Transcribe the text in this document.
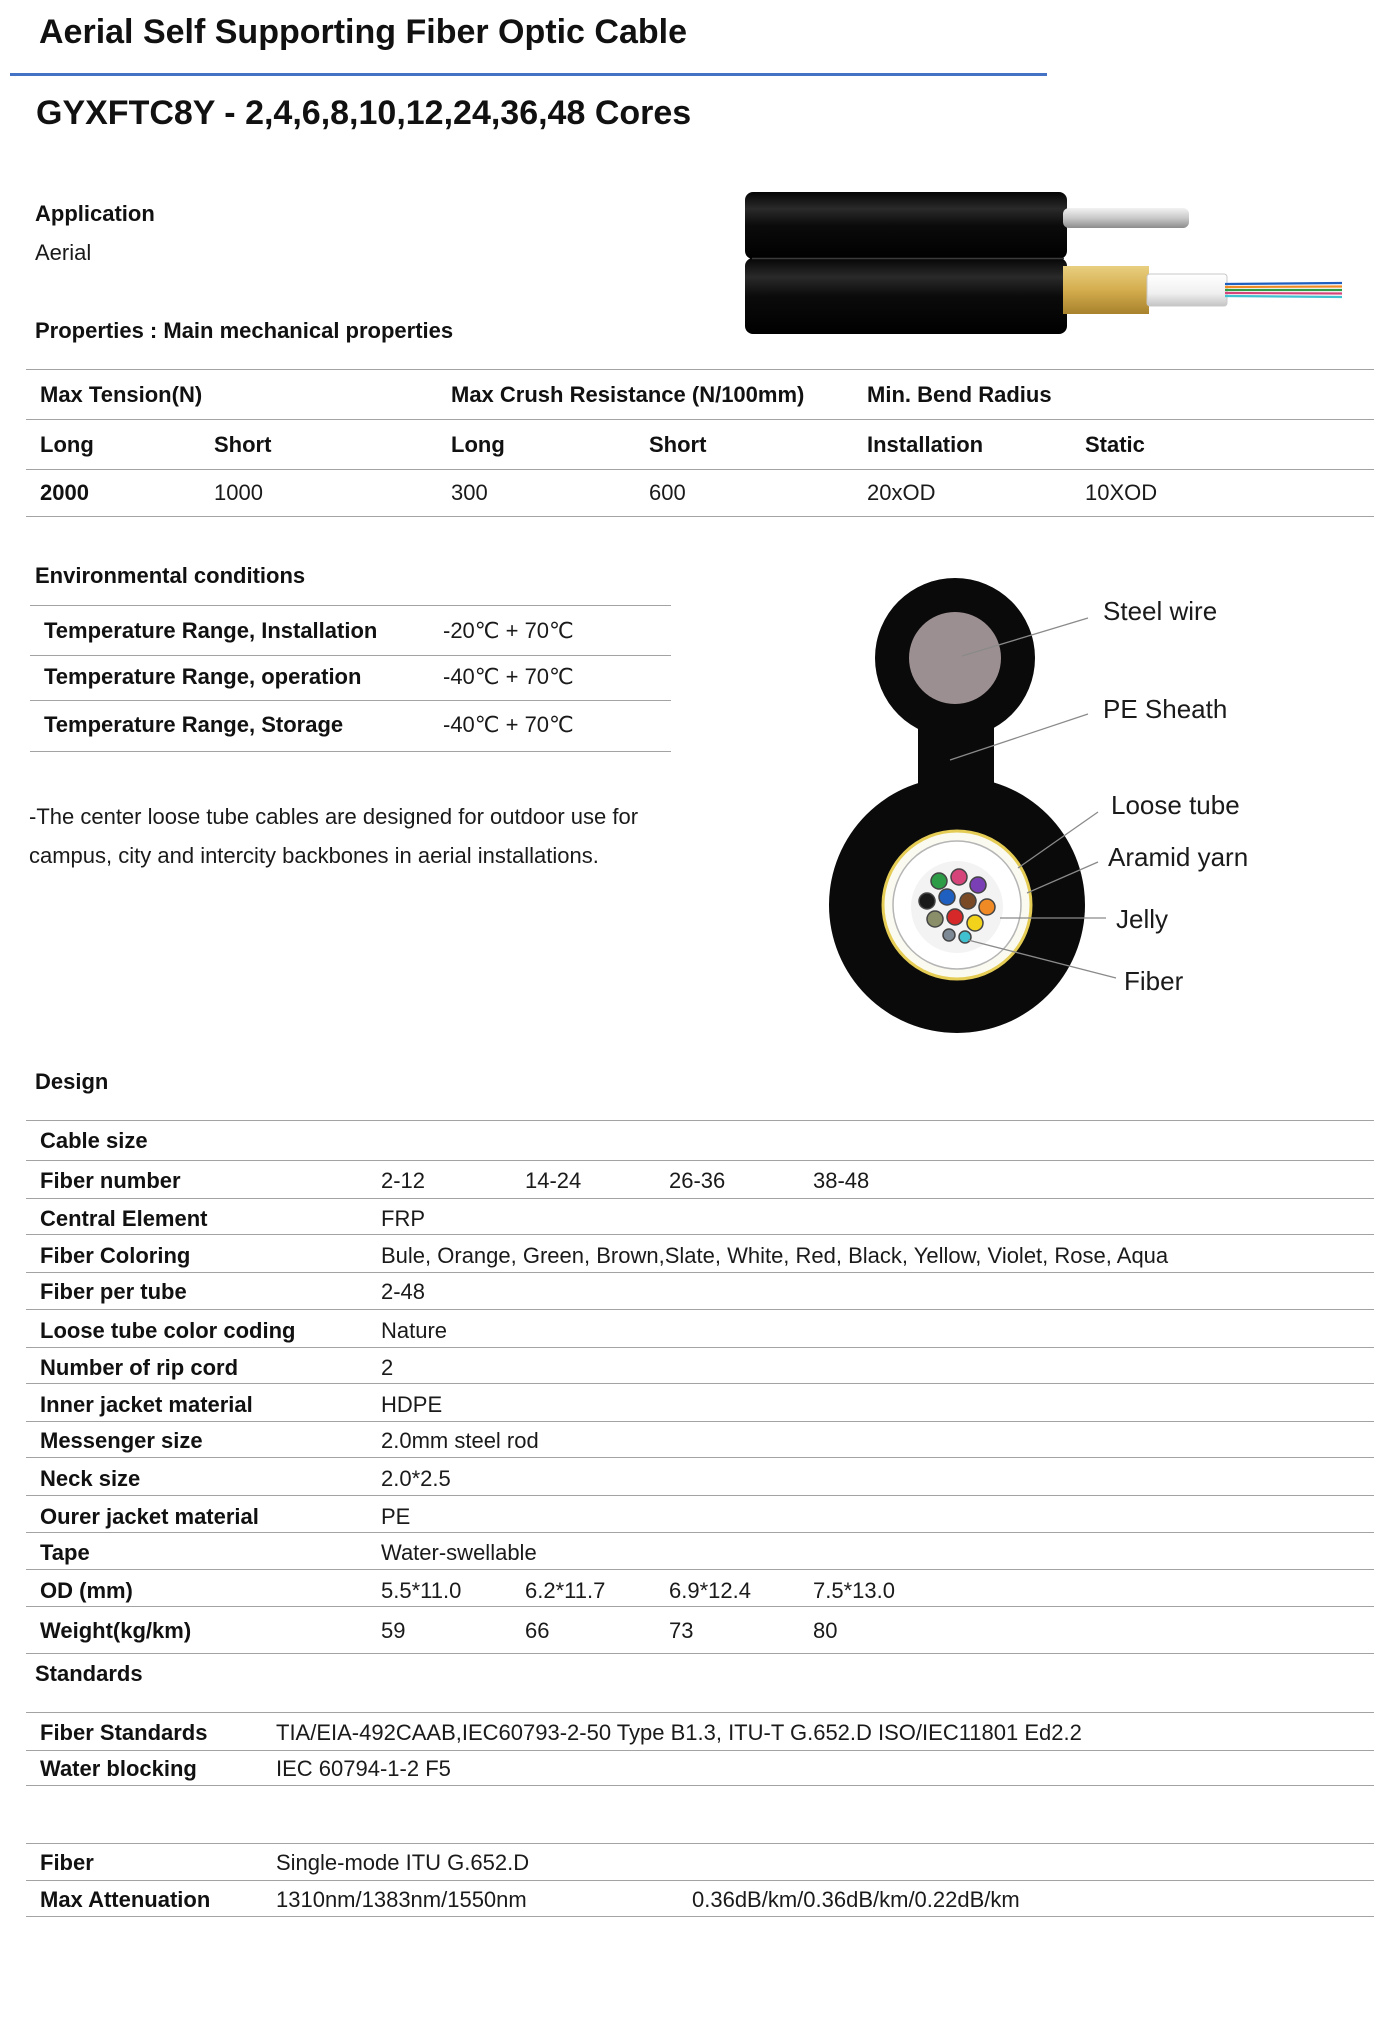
Aerial Self Supporting Fiber Optic Cable
GYXFTC8Y - 2,4,6,8,10,12,24,36,48 Cores
Application
Aerial
Properties : Main mechanical properties
Max Tension(N)	Max Crush Resistance (N/100mm)	Min. Bend Radius
Long	Short	Long	Short	Installation	Static
2000	1000	300	600	20xOD	10XOD
Environmental conditions
Temperature Range, Installation	-20℃ + 70℃
Temperature Range, operation	-40℃ + 70℃
Temperature Range, Storage	-40℃ + 70℃
-The center loose tube cables are designed for outdoor use for
campus, city and intercity backbones in aerial installations.
Steel wire
PE Sheath
Loose tube
Aramid yarn
Jelly
Fiber
Design
Cable size
Fiber number	2-12	14-24	26-36	38-48
Central Element	FRP
Fiber Coloring	Bule, Orange, Green, Brown,Slate, White, Red, Black, Yellow, Violet, Rose, Aqua
Fiber per tube	2-48
Loose tube color coding	Nature
Number of rip cord	2
Inner jacket material	HDPE
Messenger size	2.0mm steel rod
Neck size	2.0*2.5
Ourer jacket material	PE
Tape	Water-swellable
OD (mm)	5.5*11.0	6.2*11.7	6.9*12.4	7.5*13.0
Weight(kg/km)	59	66	73	80
Standards
Fiber Standards	TIA/EIA-492CAAB,IEC60793-2-50 Type B1.3, ITU-T G.652.D ISO/IEC11801 Ed2.2
Water blocking	IEC 60794-1-2 F5
Fiber	Single-mode ITU G.652.D
Max Attenuation	1310nm/1383nm/1550nm	0.36dB/km/0.36dB/km/0.22dB/km
